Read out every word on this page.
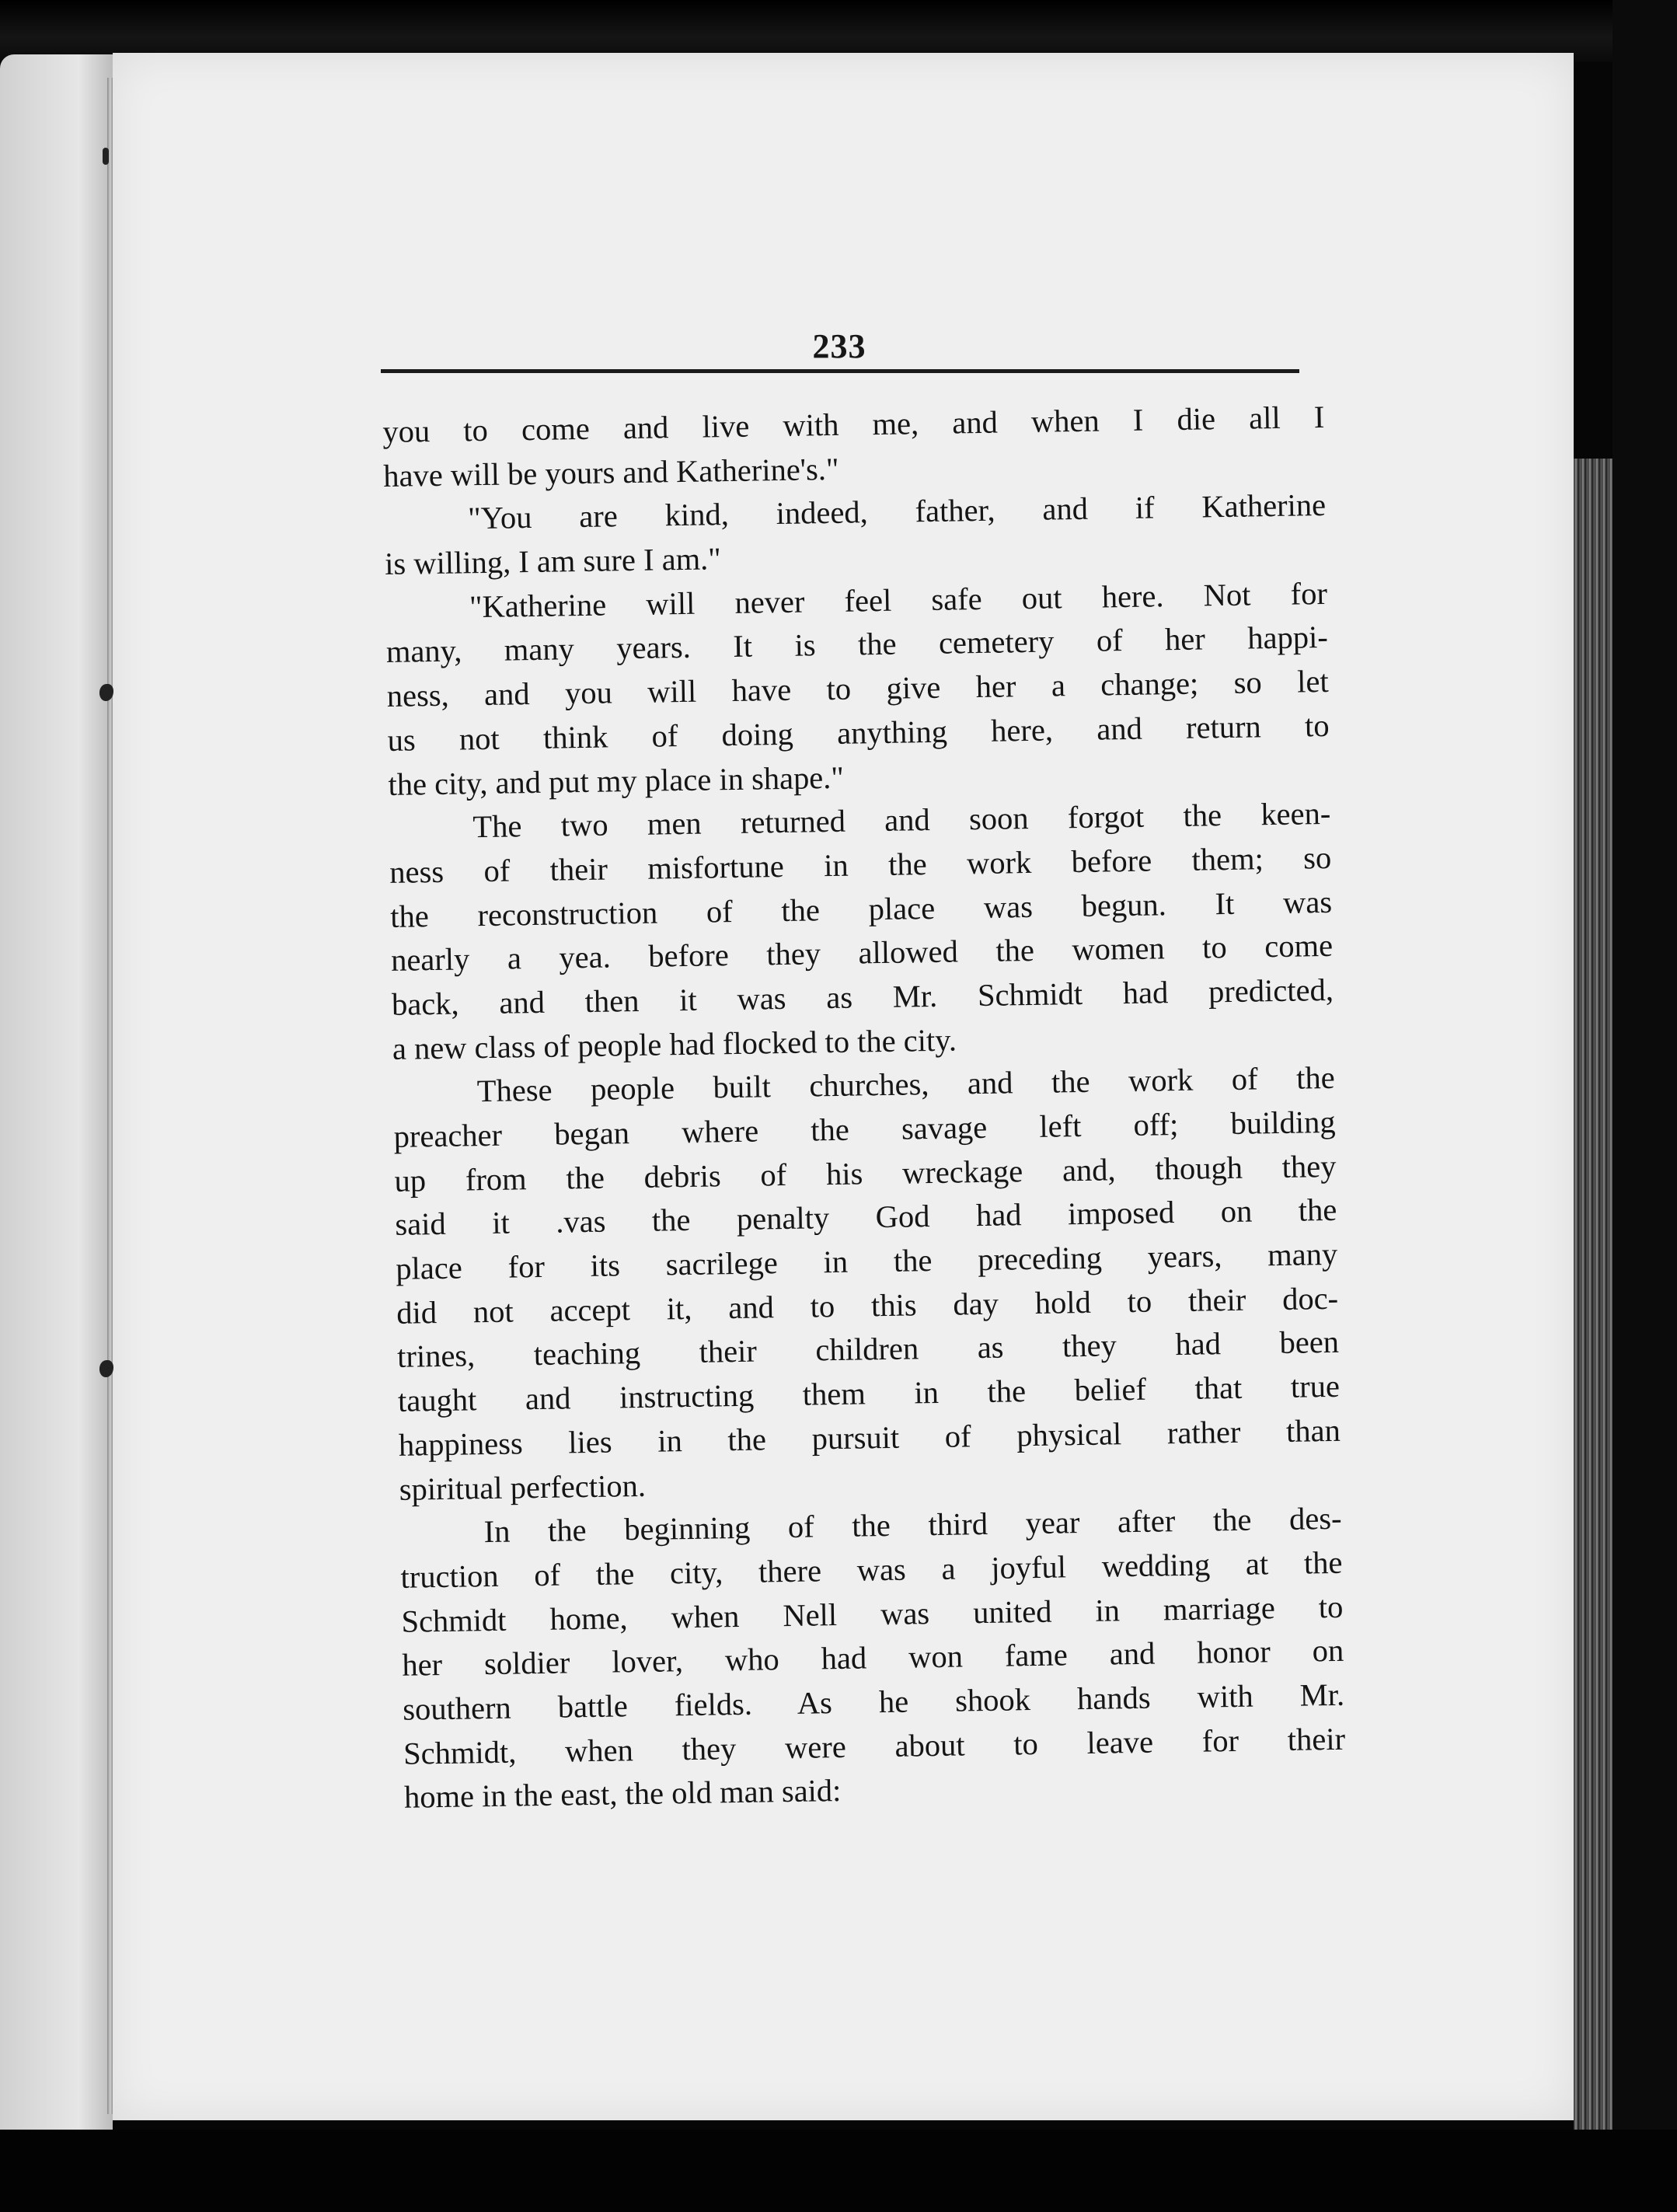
233
you to come and live with me, and when I die all I
have will be yours and Katherine's."
"You are kind, indeed, father, and if Katherine
is willing, I am sure I am."
"Katherine will never feel safe out here. Not for
many, many years. It is the cemetery of her happi-
ness, and you will have to give her a change; so let
us not think of doing anything here, and return to
the city, and put my place in shape."
The two men returned and soon forgot the keen-
ness of their misfortune in the work before them; so
the reconstruction of the place was begun. It was
nearly a yea. before they allowed the women to come
back, and then it was as Mr. Schmidt had predicted,
a new class of people had flocked to the city.
These people built churches, and the work of the
preacher began where the savage left off; building
up from the debris of his wreckage and, though they
said it .vas the penalty God had imposed on the
place for its sacrilege in the preceding years, many
did not accept it, and to this day hold to their doc-
trines, teaching their children as they had been
taught and instructing them in the belief that true
happiness lies in the pursuit of physical rather than
spiritual perfection.
In the beginning of the third year after the des-
truction of the city, there was a joyful wedding at the
Schmidt home, when Nell was united in marriage to
her soldier lover, who had won fame and honor on
southern battle fields. As he shook hands with Mr.
Schmidt, when they were about to leave for their
home in the east, the old man said:
